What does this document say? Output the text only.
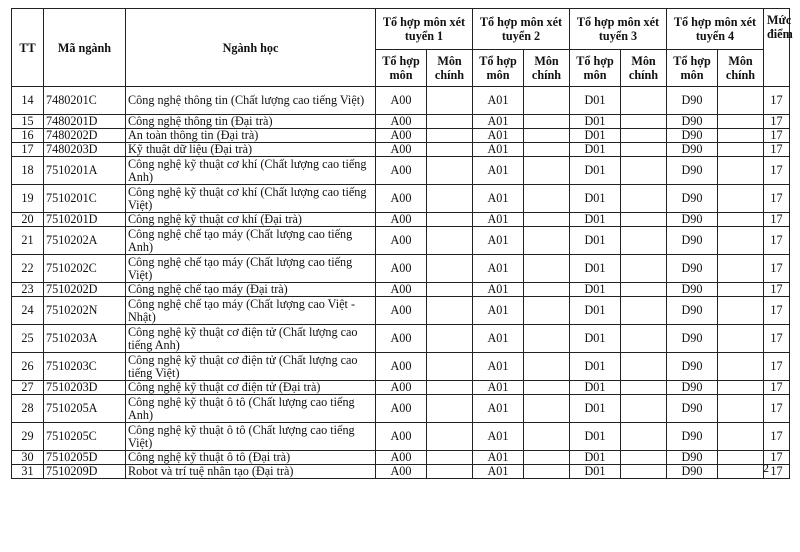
TT	Mã ngành	Ngành học	Tổ hợp môn xét tuyển 1		Tổ hợp môn xét tuyển 2		Tổ hợp môn xét tuyển 3		Tổ hợp môn xét tuyển 4		Mức điểm
			Tổ hợp môn	Môn chính	Tổ hợp môn	Môn chính	Tổ hợp môn	Môn chính	Tổ hợp môn	Môn chính	
14	7480201C	Công nghệ thông tin (Chất lượng cao tiếng Việt)	A00		A01		D01		D90		17
15	7480201D	Công nghệ thông tin (Đại trà)	A00		A01		D01		D90		17
16	7480202D	An toàn thông tin (Đại trà)	A00		A01		D01		D90		17
17	7480203D	Kỹ thuật dữ liệu (Đại trà)	A00		A01		D01		D90		17
18	7510201A	Công nghệ kỹ thuật cơ khí (Chất lượng cao tiếng Anh)	A00		A01		D01		D90		17
19	7510201C	Công nghệ kỹ thuật cơ khí (Chất lượng cao tiếng Việt)	A00		A01		D01		D90		17
20	7510201D	Công nghệ kỹ thuật cơ khí (Đại trà)	A00		A01		D01		D90		17
21	7510202A	Công nghệ chế tạo máy (Chất lượng cao tiếng Anh)	A00		A01		D01		D90		17
22	7510202C	Công nghệ chế tạo máy (Chất lượng cao tiếng Việt)	A00		A01		D01		D90		17
23	7510202D	Công nghệ chế tạo máy (Đại trà)	A00		A01		D01		D90		17
24	7510202N	Công nghệ chế tạo máy (Chất lượng cao Việt - Nhật)	A00		A01		D01		D90		17
25	7510203A	Công nghệ kỹ thuật cơ điện tử (Chất lượng cao tiếng Anh)	A00		A01		D01		D90		17
26	7510203C	Công nghệ kỹ thuật cơ điện tử (Chất lượng cao tiếng Việt)	A00		A01		D01		D90		17
27	7510203D	Công nghệ kỹ thuật cơ điện tử (Đại trà)	A00		A01		D01		D90		17
28	7510205A	Công nghệ kỹ thuật ô tô (Chất lượng cao tiếng Anh)	A00		A01		D01		D90		17
29	7510205C	Công nghệ kỹ thuật ô tô (Chất lượng cao tiếng Việt)	A00		A01		D01		D90		17
30	7510205D	Công nghệ kỹ thuật ô tô (Đại trà)	A00		A01		D01		D90		17
31	7510209D	Robot và trí tuệ nhân tạo (Đại trà)	A00		A01		D01		D90		17
2
